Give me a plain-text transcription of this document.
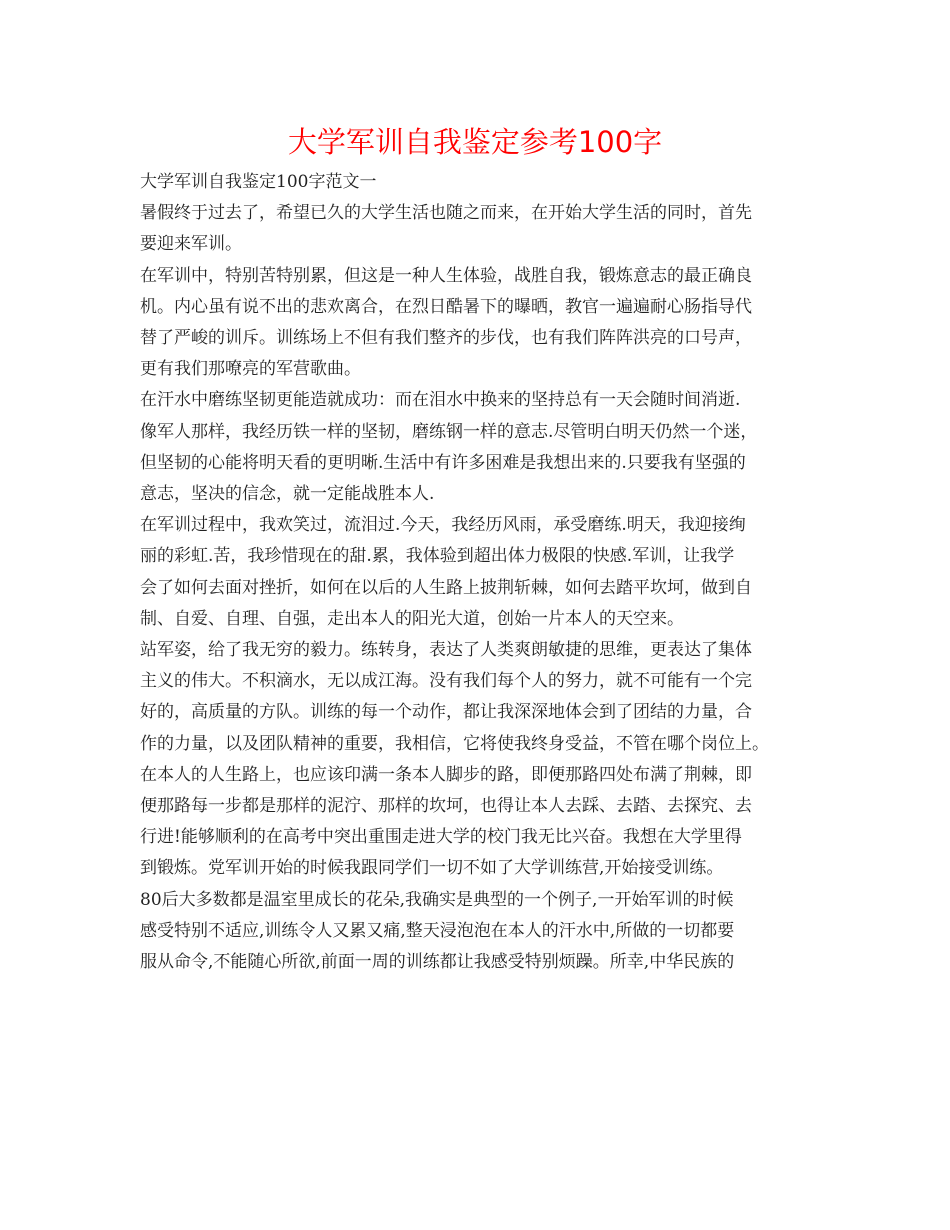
大学军训自我鉴定参考100字

大学军训自我鉴定100字范文一

暑假终于过去了，希望已久的大学生活也随之而来，在开始大学生活的同时，首先
要迎来军训。

在军训中，特别苦特别累，但这是一种人生体验，战胜自我，锻炼意志的最正确良
机。内心虽有说不出的悲欢离合，在烈日酷暑下的曝晒，教官一遍遍耐心肠指导代
替了严峻的训斥。训练场上不但有我们整齐的步伐，也有我们阵阵洪亮的口号声，
更有我们那嘹亮的军营歌曲。

在汗水中磨练坚韧更能造就成功：而在泪水中换来的坚持总有一天会随时间消逝.
像军人那样，我经历铁一样的坚韧，磨练钢一样的意志.尽管明白明天仍然一个迷，
但坚韧的心能将明天看的更明晰.生活中有许多困难是我想出来的.只要我有坚强的
意志，坚决的信念，就一定能战胜本人.

在军训过程中，我欢笑过，流泪过.今天，我经历风雨，承受磨练.明天，我迎接绚
丽的彩虹.苦，我珍惜现在的甜.累，我体验到超出体力极限的快感.军训，让我学
会了如何去面对挫折，如何在以后的人生路上披荆斩棘，如何去踏平坎坷，做到自
制、自爱、自理、自强，走出本人的阳光大道，创始一片本人的天空来。

站军姿，给了我无穷的毅力。练转身，表达了人类爽朗敏捷的思维，更表达了集体
主义的伟大。不积滴水，无以成江海。没有我们每个人的努力，就不可能有一个完
好的，高质量的方队。训练的每一个动作，都让我深深地体会到了团结的力量，合
作的力量，以及团队精神的重要，我相信，它将使我终身受益，不管在哪个岗位上。
在本人的人生路上，也应该印满一条本人脚步的路，即便那路四处布满了荆棘，即
便那路每一步都是那样的泥泞、那样的坎坷，也得让本人去踩、去踏、去探究、去
行进!能够顺利的在高考中突出重围走进大学的校门我无比兴奋。我想在大学里得
到锻炼。党军训开始的时候我跟同学们一切不如了大学训练营,开始接受训练。

80后大多数都是温室里成长的花朵,我确实是典型的一个例子,一开始军训的时候
感受特别不适应,训练令人又累又痛,整天浸泡泡在本人的汗水中,所做的一切都要
服从命令,不能随心所欲,前面一周的训练都让我感受特别烦躁。所幸,中华民族的
